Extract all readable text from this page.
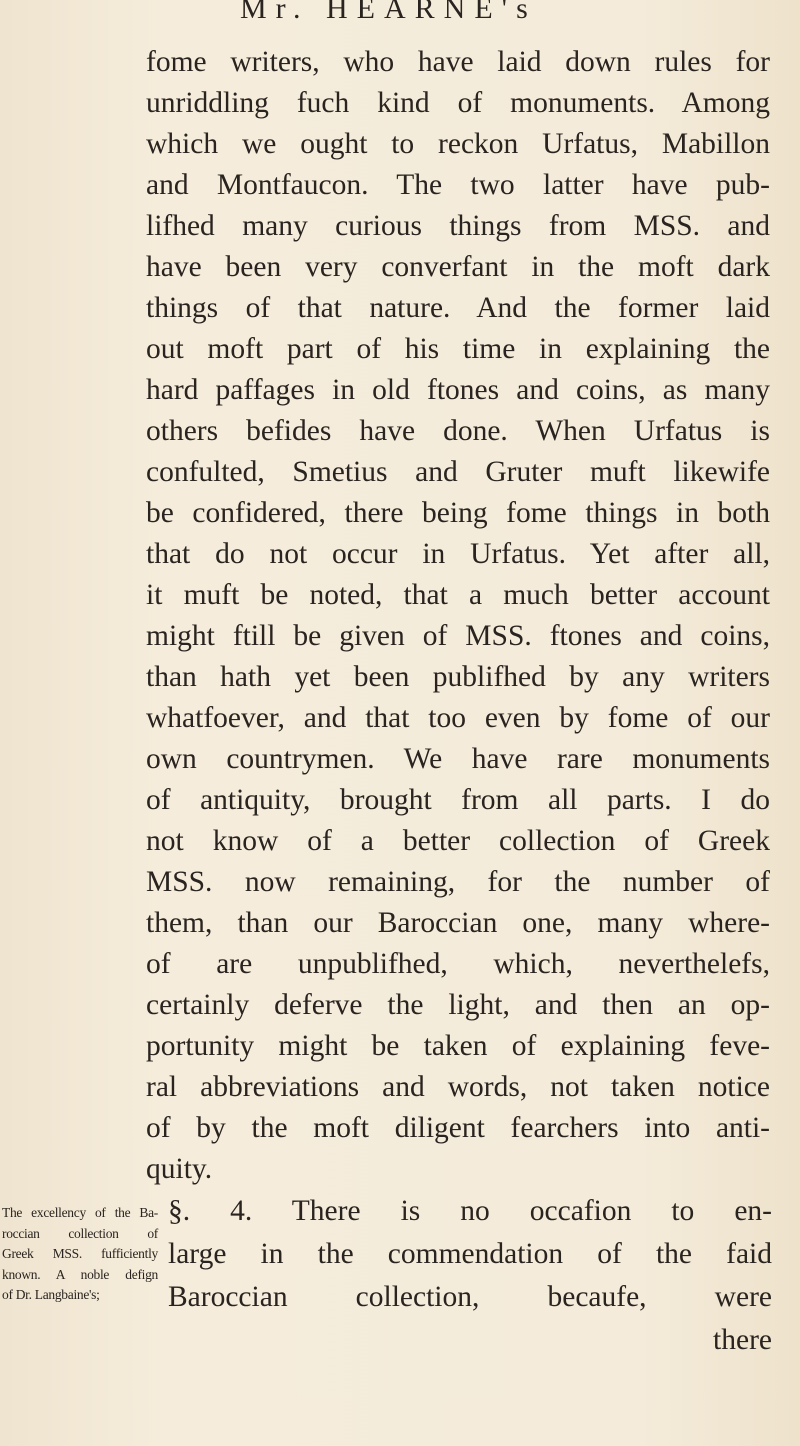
Mr. HEARNE's
fome writers, who have laid down rules for
unriddling fuch kind of monuments. Among
which we ought to reckon Urfatus, Mabillon
and Montfaucon. The two latter have pub-
lifhed many curious things from MSS. and
have been very converfant in the moft dark
things of that nature. And the former laid
out moft part of his time in explaining the
hard paffages in old ftones and coins, as many
others befides have done. When Urfatus is
confulted, Smetius and Gruter muft likewife
be confidered, there being fome things in both
that do not occur in Urfatus. Yet after all,
it muft be noted, that a much better account
might ftill be given of MSS. ftones and coins,
than hath yet been publifhed by any writers
whatfoever, and that too even by fome of our
own countrymen. We have rare monuments
of antiquity, brought from all parts. I do
not know of a better collection of Greek
MSS. now remaining, for the number of
them, than our Baroccian one, many where-
of are unpublifhed, which, neverthelefs,
certainly deferve the light, and then an op-
portunity might be taken of explaining feve-
ral abbreviations and words, not taken notice
of by the moft diligent fearchers into anti-
quity.
The excellency of the Ba-
roccian collection of
Greek MSS. fufficiently
known. A noble defign
of Dr. Langbaine's;
§. 4. There is no occafion to en-
large in the commendation of the faid
Baroccian collection, becaufe, were
there
